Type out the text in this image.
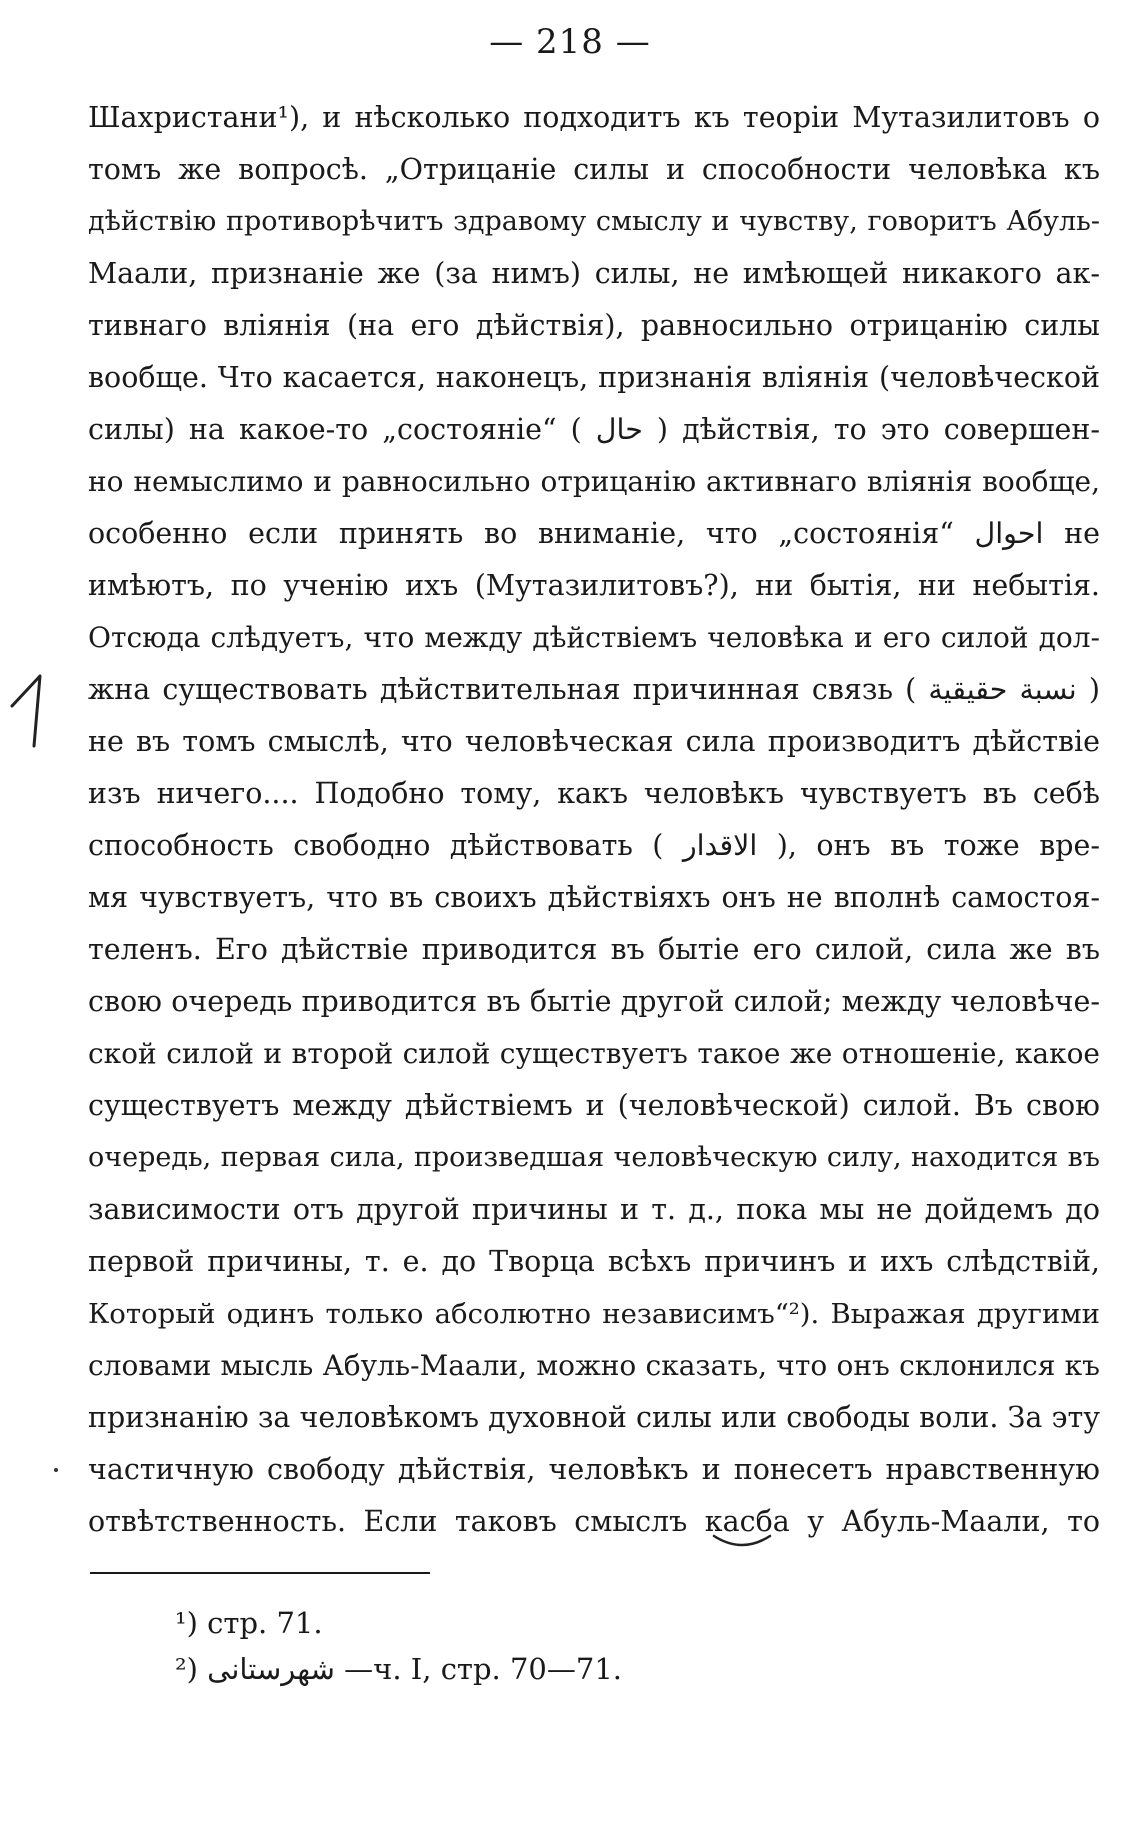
— 218 —
Шахристани¹), и нѣсколько подходитъ къ теоріи Мутазилитовъ о
томъ же вопросѣ. „Отрицаніе силы и способности человѣка къ
дѣйствію противорѣчитъ здравому смыслу и чувству, говоритъ Абуль-
Маали, признаніе же (за нимъ) силы, не имѣющей никакого ак-
тивнаго вліянія (на его дѣйствія), равносильно отрицанію силы
вообще. Что касается, наконецъ, признанія вліянія (человѣческой
силы) на какое-то „состояніе“ ( حال ) дѣйствія, то это совершен-
но немыслимо и равносильно отрицанію активнаго вліянія вообще,
особенно если принять во вниманіе, что „состоянія“ احوال не
имѣютъ, по ученію ихъ (Мутазилитовъ?), ни бытія, ни небытія.
Отсюда слѣдуетъ, что между дѣйствіемъ человѣка и его силой дол-
жна существовать дѣйствительная причинная связь ( نسبة حقيقية )
не въ томъ смыслѣ, что человѣческая сила производитъ дѣйствіе
изъ ничего.... Подобно тому, какъ человѣкъ чувствуетъ въ себѣ
способность свободно дѣйствовать ( الاقدار ), онъ въ тоже вре-
мя чувствуетъ, что въ своихъ дѣйствіяхъ онъ не вполнѣ самостоя-
теленъ. Его дѣйствіе приводится въ бытіе его силой, сила же въ
свою очередь приводится въ бытіе другой силой; между человѣче-
ской силой и второй силой существуетъ такое же отношеніе, какое
существуетъ между дѣйствіемъ и (человѣческой) силой. Въ свою
очередь, первая сила, произведшая человѣческую силу, находится въ
зависимости отъ другой причины и т. д., пока мы не дойдемъ до
первой причины, т. е. до Творца всѣхъ причинъ и ихъ слѣдствій,
Который одинъ только абсолютно независимъ“²). Выражая другими
словами мысль Абуль-Маали, можно сказать, что онъ склонился къ
признанію за человѣкомъ духовной силы или свободы воли. За эту
частичную свободу дѣйствія, человѣкъ и понесетъ нравственную
отвѣтственность. Если таковъ смыслъ касба у Абуль-Маали, то
¹) стр. 71.
²) شهرستانى —ч. I, стр. 70—71.
